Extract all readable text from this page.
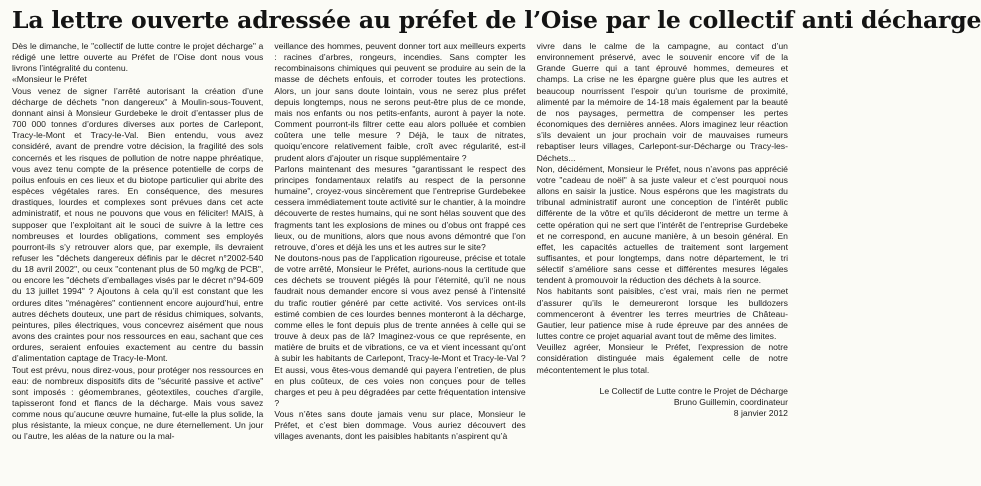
La lettre ouverte adressée au préfet de l’Oise par le collectif anti décharge

Dès le dimanche, le "collectif de lutte contre le projet décharge" a rédigé une lettre ouverte au Préfet de l’Oise dont nous vous livrons l’intégralité du contenu.

«Monsieur le Préfet

Vous venez de signer l’arrêté autorisant la création d’une décharge de déchets "non dangereux" à Moulin-sous-Touvent, donnant ainsi à Monsieur Gurdebeke le droit d’entasser plus de 700 000 tonnes d’ordures diverses aux portes de Carlepont, Tracy-le-Mont et Tracy-le-Val. Bien entendu, vous avez considéré, avant de prendre votre décision, la fragilité des sols concernés et les risques de pollution de notre nappe phréatique, vous avez tenu compte de la présence potentielle de corps de poilus enfouis en ces lieux et du biotope particulier qui abrite des espèces végétales rares. En conséquence, des mesures drastiques, lourdes et complexes sont prévues dans cet acte administratif, et nous ne pouvons que vous en féliciter! MAIS, à supposer que l’exploitant ait le souci de suivre à la lettre ces nombreuses et lourdes obligations, comment ses employés pourront-ils s’y retrouver alors que, par exemple, ils devraient refuser les "déchets dangereux définis par le décret n°2002-540 du 18 avril 2002", ou ceux "contenant plus de 50 mg/kg de PCB", ou encore les "déchets d’emballages visés par le décret n°94-609 du 13 juillet 1994" ? Ajoutons à cela qu’il est constant que les ordures dites "ménagères" contiennent encore aujourd’hui, entre autres déchets douteux, une part de résidus chimiques, solvants, peintures, piles électriques, vous concevrez aisément que nous avons des craintes pour nos ressources en eau, sachant que ces ordures, seraient enfouies exactement au centre du bassin d’alimentation captage de Tracy-le-Mont.

Tout est prévu, nous direz-vous, pour protéger nos ressources en eau: de nombreux dispositifs dits de "sécurité passive et active" sont imposés : géomembranes, géotextiles, couches d’argile, tapisseront fond et flancs de la décharge. Mais vous savez comme nous qu’aucune œuvre humaine, fut-elle la plus solide, la plus résistante, la mieux conçue, ne dure éternellement. Un jour ou l’autre, les aléas de la nature ou la mal-

veillance des hommes, peuvent donner tort aux meilleurs experts : racines d’arbres, rongeurs, incendies. Sans compter les recombinaisons chimiques qui peuvent se produire au sein de la masse de déchets enfouis, et corroder toutes les protections. Alors, un jour sans doute lointain, vous ne serez plus préfet depuis longtemps, nous ne serons peut-être plus de ce monde, mais nos enfants ou nos petits-enfants, auront à payer la note. Comment pourront-ils filtrer cette eau alors polluée et combien coûtera une telle mesure ? Déjà, le taux de nitrates, quoiqu’encore relativement faible, croît avec régularité, est-il prudent alors d’ajouter un risque supplémentaire ?

Parlons maintenant des mesures "garantissant le respect des principes fondamentaux relatifs au respect de la personne humaine", croyez-vous sincèrement que l’entreprise Gurdebekee cessera immédiatement toute activité sur le chantier, à la moindre découverte de restes humains, qui ne sont hélas souvent que des fragments tant les explosions de mines ou d’obus ont frappé ces lieux, ou de munitions, alors que nous avons démontré que l’on retrouve, d’ores et déjà les uns et les autres sur le site?

Ne doutons-nous pas de l’application rigoureuse, précise et totale de votre arrêté, Monsieur le Préfet, aurions-nous la certitude que ces déchets se trouvent piégés là pour l’éternité, qu’il ne nous faudrait nous demander encore si vous avez pensé à l’intensité du trafic routier généré par cette activité. Vos services ont-ils estimé combien de ces lourdes bennes monteront à la décharge, comme elles le font depuis plus de trente années à celle qui se trouve à deux pas de là? Imaginez-vous ce que représente, en matière de bruits et de vibrations, ce va et vient incessant qu’ont à subir les habitants de Carlepont, Tracy-le-Mont et Tracy-le-Val ? Et aussi, vous êtes-vous demandé qui payera l’entretien, de plus en plus coûteux, de ces voies non conçues pour de telles charges et peu à peu dégradées par cette fréquentation intensive ?

Vous n’êtes sans doute jamais venu sur place, Monsieur le Préfet, et c’est bien dommage. Vous auriez découvert des villages avenants, dont les paisibles habitants n’aspirent qu’à

vivre dans le calme de la campagne, au contact d’un environnement préservé, avec le souvenir encore vif de la Grande Guerre qui a tant éprouvé hommes, demeures et champs. La crise ne les épargne guère plus que les autres et beaucoup nourrissent l’espoir qu’un tourisme de proximité, alimenté par la mémoire de 14-18 mais également par la beauté de nos paysages, permettra de compenser les pertes économiques des dernières années. Alors imaginez leur réaction s’ils devaient un jour prochain voir de mauvaises rumeurs rebaptiser leurs villages, Carlepont-sur-Décharge ou Tracy-les-Déchets...

Non, décidément, Monsieur le Préfet, nous n’avons pas apprécié votre "cadeau de noël" à sa juste valeur et c’est pourquoi nous allons en saisir la justice. Nous espérons que les magistrats du tribunal administratif auront une conception de l’intérêt public différente de la vôtre et qu’ils décideront de mettre un terme à cette opération qui ne sert que l’intérêt de l’entreprise Gurdebeke et ne correspond, en aucune manière, à un besoin général. En effet, les capacités actuelles de traitement sont largement suffisantes, et pour longtemps, dans notre département, le tri sélectif s’améliore sans cesse et différentes mesures légales tendent à promouvoir la réduction des déchets à la source.

Nos habitants sont paisibles, c’est vrai, mais rien ne permet d’assurer qu’ils le demeureront lorsque les bulldozers commenceront à éventrer les terres meurtries de Château-Gautier, leur patience mise à rude épreuve par des années de luttes contre ce projet aquarial avant tout de même des limites.

Veuillez agréer, Monsieur le Préfet, l’expression de notre considération distinguée mais également celle de notre mécontentement le plus total.

Le Collectif de Lutte contre le Projet de Décharge
Bruno Guillemin, coordinateur
8 janvier 2012
